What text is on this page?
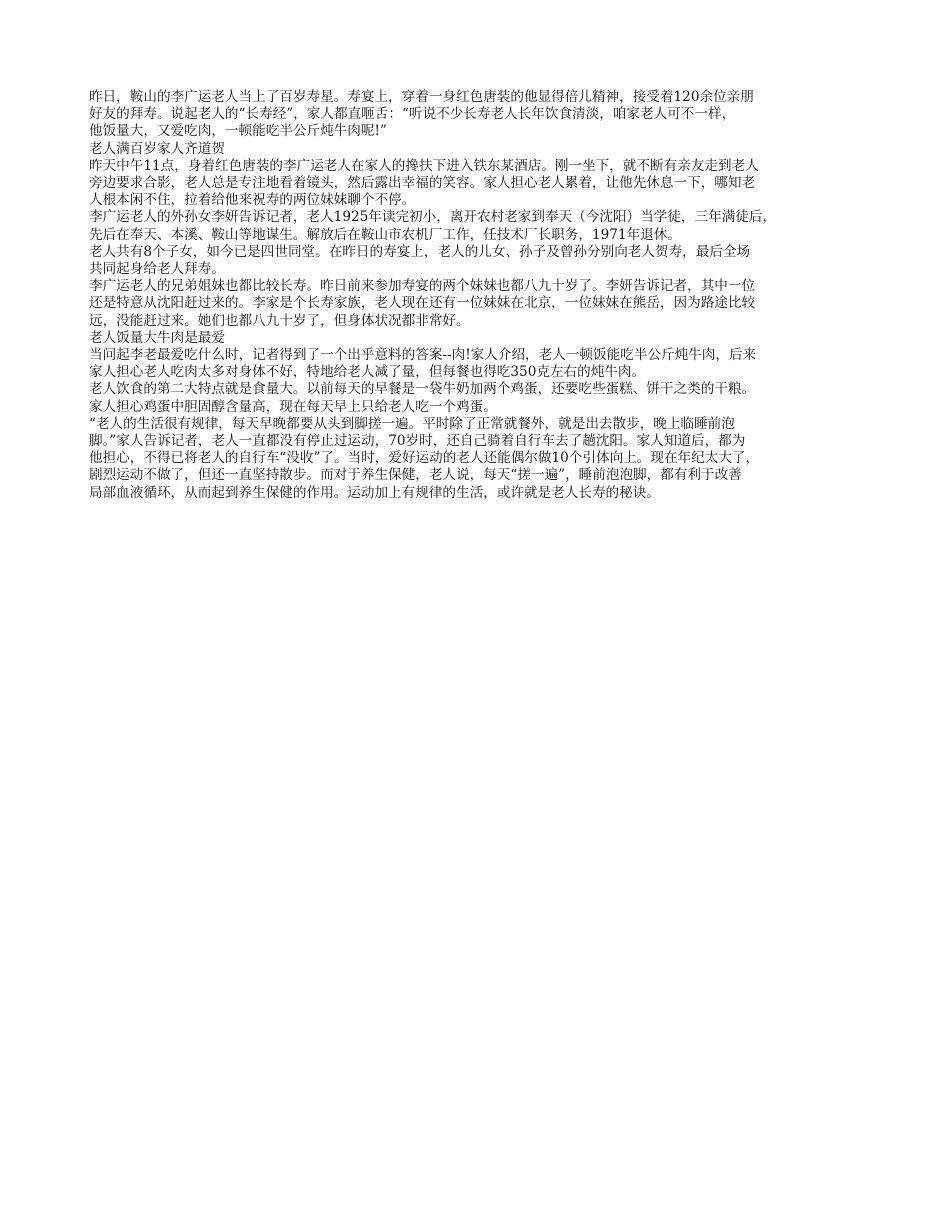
昨日，鞍山的李广运老人当上了百岁寿星。寿宴上，穿着一身红色唐装的他显得倍儿精神，接受着120余位亲朋
好友的拜寿。说起老人的“长寿经”，家人都直咂舌：“听说不少长寿老人长年饮食清淡，咱家老人可不一样，
他饭量大，又爱吃肉，一顿能吃半公斤炖牛肉呢!”

老人满百岁家人齐道贺

昨天中午11点，身着红色唐装的李广运老人在家人的搀扶下进入铁东某酒店。刚一坐下，就不断有亲友走到老人
旁边要求合影，老人总是专注地看着镜头，然后露出幸福的笑容。家人担心老人累着，让他先休息一下，哪知老
人根本闲不住，拉着给他来祝寿的两位妹妹聊个不停。

李广运老人的外孙女李妍告诉记者，老人1925年读完初小，离开农村老家到奉天（今沈阳）当学徒，三年满徒后，
先后在奉天、本溪、鞍山等地谋生。解放后在鞍山市农机厂工作，任技术厂长职务，1971年退休。

老人共有8个子女，如今已是四世同堂。在昨日的寿宴上，老人的儿女、孙子及曾孙分别向老人贺寿，最后全场
共同起身给老人拜寿。

李广运老人的兄弟姐妹也都比较长寿。昨日前来参加寿宴的两个妹妹也都八九十岁了。李妍告诉记者，其中一位
还是特意从沈阳赶过来的。李家是个长寿家族，老人现在还有一位妹妹在北京，一位妹妹在熊岳，因为路途比较
远，没能赶过来。她们也都八九十岁了，但身体状况都非常好。

老人饭量大牛肉是最爱

当问起李老最爱吃什么时，记者得到了一个出乎意料的答案--肉!家人介绍，老人一顿饭能吃半公斤炖牛肉，后来
家人担心老人吃肉太多对身体不好，特地给老人减了量，但每餐也得吃350克左右的炖牛肉。

老人饮食的第二大特点就是食量大。以前每天的早餐是一袋牛奶加两个鸡蛋，还要吃些蛋糕、饼干之类的干粮。
家人担心鸡蛋中胆固醇含量高，现在每天早上只给老人吃一个鸡蛋。

“老人的生活很有规律，每天早晚都要从头到脚搓一遍。平时除了正常就餐外，就是出去散步，晚上临睡前泡
脚。”家人告诉记者，老人一直都没有停止过运动，70岁时，还自己骑着自行车去了趟沈阳。家人知道后，都为
他担心，不得已将老人的自行车“没收”了。当时，爱好运动的老人还能偶尔做10个引体向上。现在年纪太大了，
剧烈运动不做了，但还一直坚持散步。而对于养生保健，老人说，每天“搓一遍”，睡前泡泡脚，都有利于改善
局部血液循环，从而起到养生保健的作用。运动加上有规律的生活，或许就是老人长寿的秘诀。
